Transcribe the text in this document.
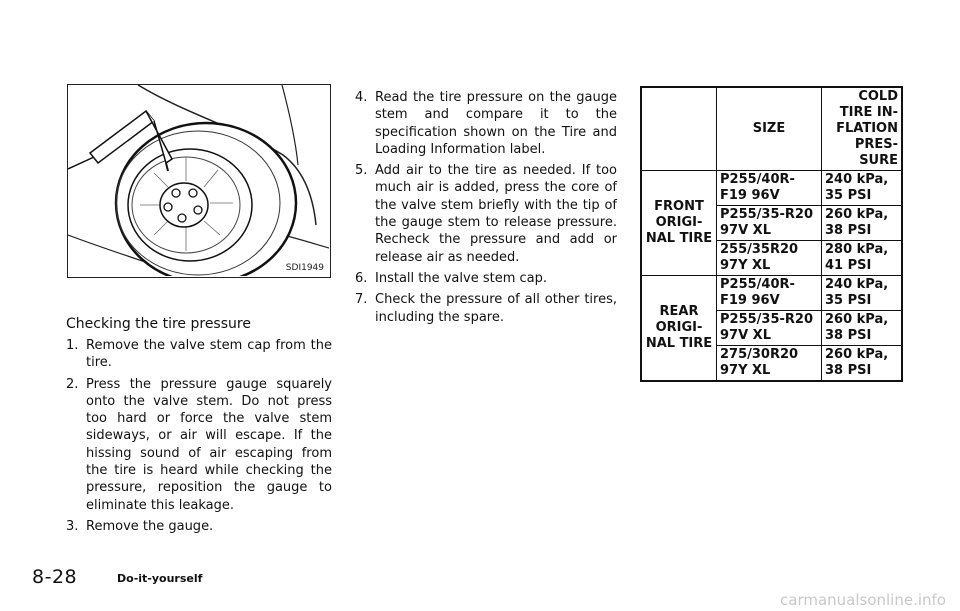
SDI1949
Checking the tire pressure
1. Remove the valve stem cap from the tire.
2. Press the pressure gauge squarely onto the valve stem. Do not press too hard or force the valve stem sideways, or air will escape. If the hissing sound of air escaping from the tire is heard while checking the pressure, reposition the gauge to eliminate this leakage.
3. Remove the gauge.
4. Read the tire pressure on the gauge stem and compare it to the specification shown on the Tire and Loading Information label.
5. Add air to the tire as needed. If too much air is added, press the core of the valve stem briefly with the tip of the gauge stem to release pressure. Recheck the pressure and add or release air as needed.
6. Install the valve stem cap.
7. Check the pressure of all other tires, including the spare.
	SIZE	COLD TIRE IN-FLATION PRES-SURE
FRONT ORIGI-NAL TIRE	P255/40R-F19 96V	240 kPa, 35 PSI
	P255/35-R20 97V XL	260 kPa, 38 PSI
	255/35R20 97Y XL	280 kPa, 41 PSI
REAR ORIGI-NAL TIRE	P255/40R-F19 96V	240 kPa, 35 PSI
	P255/35-R20 97V XL	260 kPa, 38 PSI
	275/30R20 97Y XL	260 kPa, 38 PSI
8-28	Do-it-yourself
carmanualsonline.info
